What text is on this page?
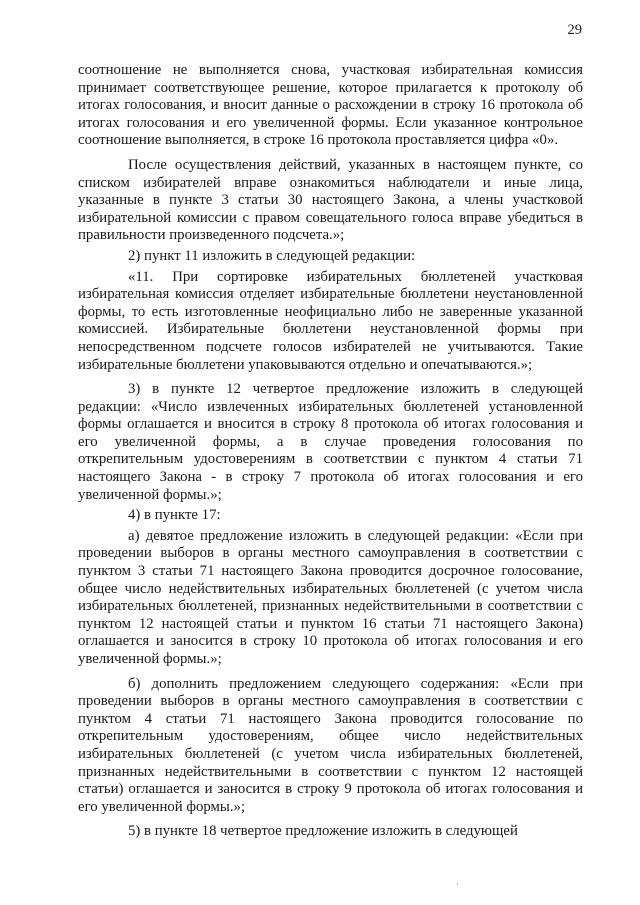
29

соотношение не выполняется снова, участковая избирательная комиссия принимает соответствующее решение, которое прилагается к протоколу об итогах голосования, и вносит данные о расхождении в строку 16 протокола об итогах голосования и его увеличенной формы. Если указанное контрольное соотношение выполняется, в строке 16 протокола проставляется цифра «0».

После осуществления действий, указанных в настоящем пункте, со списком избирателей вправе ознакомиться наблюдатели и иные лица, указанные в пункте 3 статьи 30 настоящего Закона, а члены участковой избирательной комиссии с правом совещательного голоса вправе убедиться в правильности произведенного подсчета.»;

2) пункт 11 изложить в следующей редакции:

«11. При сортировке избирательных бюллетеней участковая избирательная комиссия отделяет избирательные бюллетени неустановленной формы, то есть изготовленные неофициально либо не заверенные указанной комиссией. Избирательные бюллетени неустановленной формы при непосредственном подсчете голосов избирателей не учитываются. Такие избирательные бюллетени упаковываются отдельно и опечатываются.»;

3) в пункте 12 четвертое предложение изложить в следующей редакции: «Число извлеченных избирательных бюллетеней установленной формы оглашается и вносится в строку 8 протокола об итогах голосования и его увеличенной формы, а в случае проведения голосования по открепительным удостоверениям в соответствии с пунктом 4 статьи 71 настоящего Закона - в строку 7 протокола об итогах голосования и его увеличенной формы.»;

4) в пункте 17:

а) девятое предложение изложить в следующей редакции: «Если при проведении выборов в органы местного самоуправления в соответствии с пунктом 3 статьи 71 настоящего Закона проводится досрочное голосование, общее число недействительных избирательных бюллетеней (с учетом числа избирательных бюллетеней, признанных недействительными в соответствии с пунктом 12 настоящей статьи и пунктом 16 статьи 71 настоящего Закона) оглашается и заносится в строку 10 протокола об итогах голосования и его увеличенной формы.»;

б) дополнить предложением следующего содержания: «Если при проведении выборов в органы местного самоуправления в соответствии с пунктом 4 статьи 71 настоящего Закона проводится голосование по открепительным удостоверениям, общее число недействительных избирательных бюллетеней (с учетом числа избирательных бюллетеней, признанных недействительными в соответствии с пунктом 12 настоящей статьи) оглашается и заносится в строку 9 протокола об итогах голосования и его увеличенной формы.»;

5) в пункте 18 четвертое предложение изложить в следующей

·
